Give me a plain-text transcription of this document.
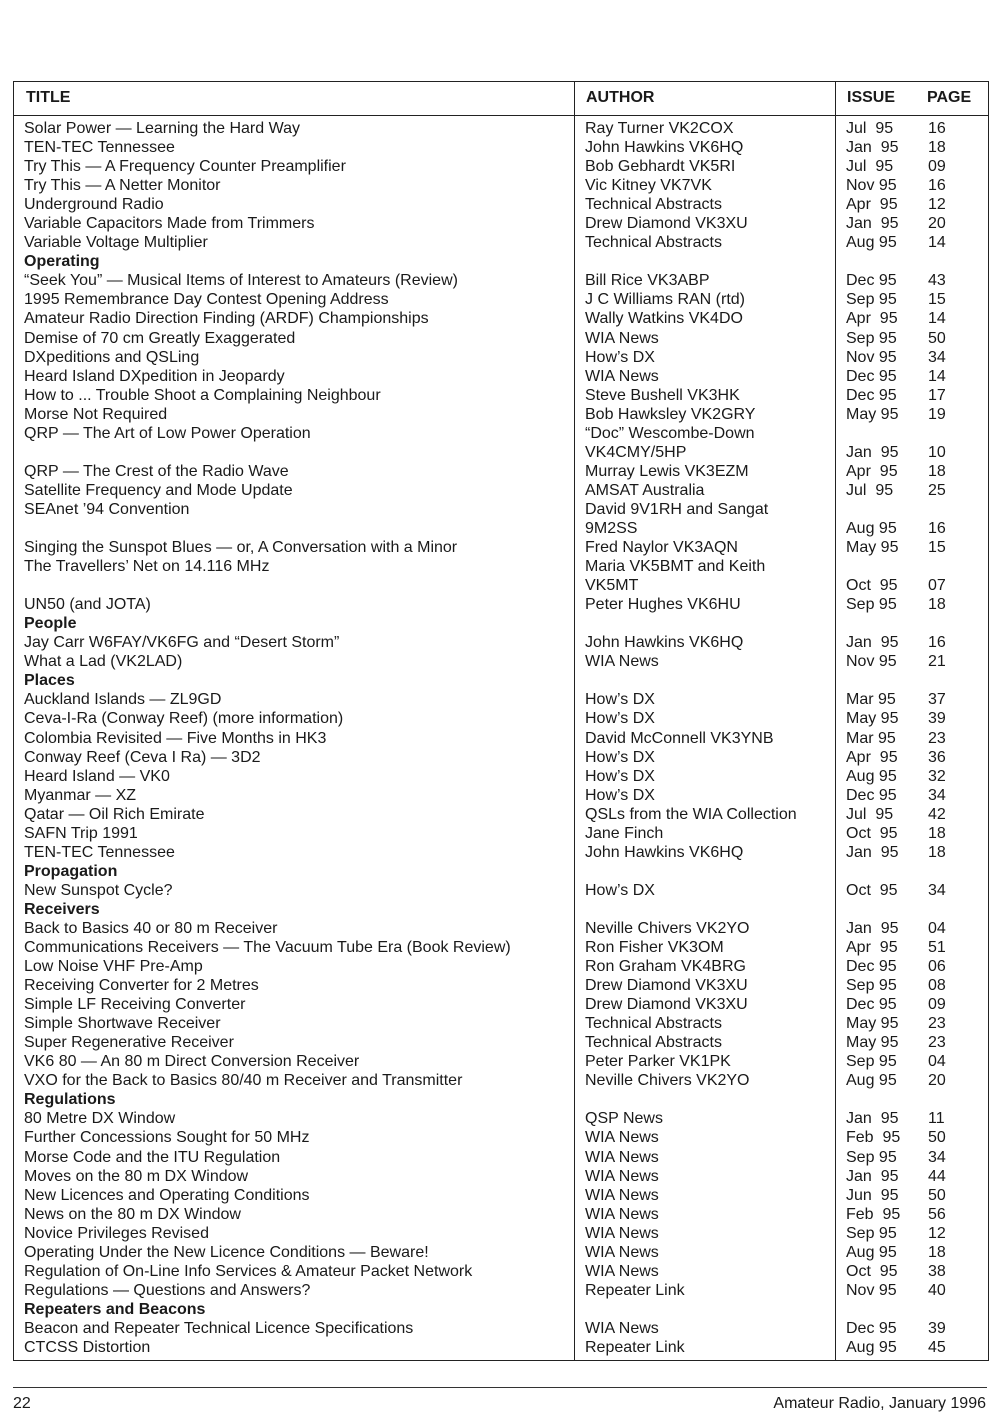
TITLE	AUTHOR	ISSUE PAGE
Solar Power — Learning the Hard Way	Ray Turner VK2COX	Jul  95 16
TEN-TEC Tennessee	John Hawkins VK6HQ	Jan  95 18
Try This — A Frequency Counter Preamplifier	Bob Gebhardt VK5RI	Jul  95 09
Try This — A Netter Monitor	Vic Kitney VK7VK	Nov 95 16
Underground Radio	Technical Abstracts	Apr  95 12
Variable Capacitors Made from Trimmers	Drew Diamond VK3XU	Jan  95 20
Variable Voltage Multiplier	Technical Abstracts	Aug 95 14
Operating
“Seek You” — Musical Items of Interest to Amateurs (Review)	Bill Rice VK3ABP	Dec 95 43
1995 Remembrance Day Contest Opening Address	J C Williams RAN (rtd)	Sep 95 15
Amateur Radio Direction Finding (ARDF) Championships	Wally Watkins VK4DO	Apr  95 14
Demise of 70 cm Greatly Exaggerated	WIA News	Sep 95 50
DXpeditions and QSLing	How’s DX	Nov 95 34
Heard Island DXpedition in Jeopardy	WIA News	Dec 95 14
How to ... Trouble Shoot a Complaining Neighbour	Steve Bushell VK3HK	Dec 95 17
Morse Not Required	Bob Hawksley VK2GRY	May 95 19
QRP — The Art of Low Power Operation	“Doc” Wescombe-Down
VK4CMY/5HP	Jan  95 10
QRP — The Crest of the Radio Wave	Murray Lewis VK3EZM	Apr  95 18
Satellite Frequency and Mode Update	AMSAT Australia	Jul  95 25
SEAnet ’94 Convention	David 9V1RH and Sangat
9M2SS	Aug 95 16
Singing the Sunspot Blues — or, A Conversation with a Minor	Fred Naylor VK3AQN	May 95 15
The Travellers’ Net on 14.116 MHz	Maria VK5BMT and Keith
VK5MT	Oct  95 07
UN50 (and JOTA)	Peter Hughes VK6HU	Sep 95 18
People
Jay Carr W6FAY/VK6FG and “Desert Storm”	John Hawkins VK6HQ	Jan  95 16
What a Lad (VK2LAD)	WIA News	Nov 95 21
Places
Auckland Islands — ZL9GD	How’s DX	Mar 95 37
Ceva-I-Ra (Conway Reef) (more information)	How’s DX	May 95 39
Colombia Revisited — Five Months in HK3	David McConnell VK3YNB	Mar 95 23
Conway Reef (Ceva I Ra) — 3D2	How’s DX	Apr  95 36
Heard Island — VK0	How’s DX	Aug 95 32
Myanmar — XZ	How’s DX	Dec 95 34
Qatar — Oil Rich Emirate	QSLs from the WIA Collection	Jul  95 42
SAFN Trip 1991	Jane Finch	Oct  95 18
TEN-TEC Tennessee	John Hawkins VK6HQ	Jan  95 18
Propagation
New Sunspot Cycle?	How’s DX	Oct  95 34
Receivers
Back to Basics 40 or 80 m Receiver	Neville Chivers VK2YO	Jan  95 04
Communications Receivers — The Vacuum Tube Era (Book Review)	Ron Fisher VK3OM	Apr  95 51
Low Noise VHF Pre-Amp	Ron Graham VK4BRG	Dec 95 06
Receiving Converter for 2 Metres	Drew Diamond VK3XU	Sep 95 08
Simple LF Receiving Converter	Drew Diamond VK3XU	Dec 95 09
Simple Shortwave Receiver	Technical Abstracts	May 95 23
Super Regenerative Receiver	Technical Abstracts	May 95 23
VK6 80 — An 80 m Direct Conversion Receiver	Peter Parker VK1PK	Sep 95 04
VXO for the Back to Basics 80/40 m Receiver and Transmitter	Neville Chivers VK2YO	Aug 95 20
Regulations
80 Metre DX Window	QSP News	Jan  95 11
Further Concessions Sought for 50 MHz	WIA News	Feb  95 50
Morse Code and the ITU Regulation	WIA News	Sep 95 34
Moves on the 80 m DX Window	WIA News	Jan  95 44
New Licences and Operating Conditions	WIA News	Jun  95 50
News on the 80 m DX Window	WIA News	Feb  95 56
Novice Privileges Revised	WIA News	Sep 95 12
Operating Under the New Licence Conditions — Beware!	WIA News	Aug 95 18
Regulation of On-Line Info Services & Amateur Packet Network	WIA News	Oct  95 38
Regulations — Questions and Answers?	Repeater Link	Nov 95 40
Repeaters and Beacons
Beacon and Repeater Technical Licence Specifications	WIA News	Dec 95 39
CTCSS Distortion	Repeater Link	Aug 95 45
22	Amateur Radio, January 1996
